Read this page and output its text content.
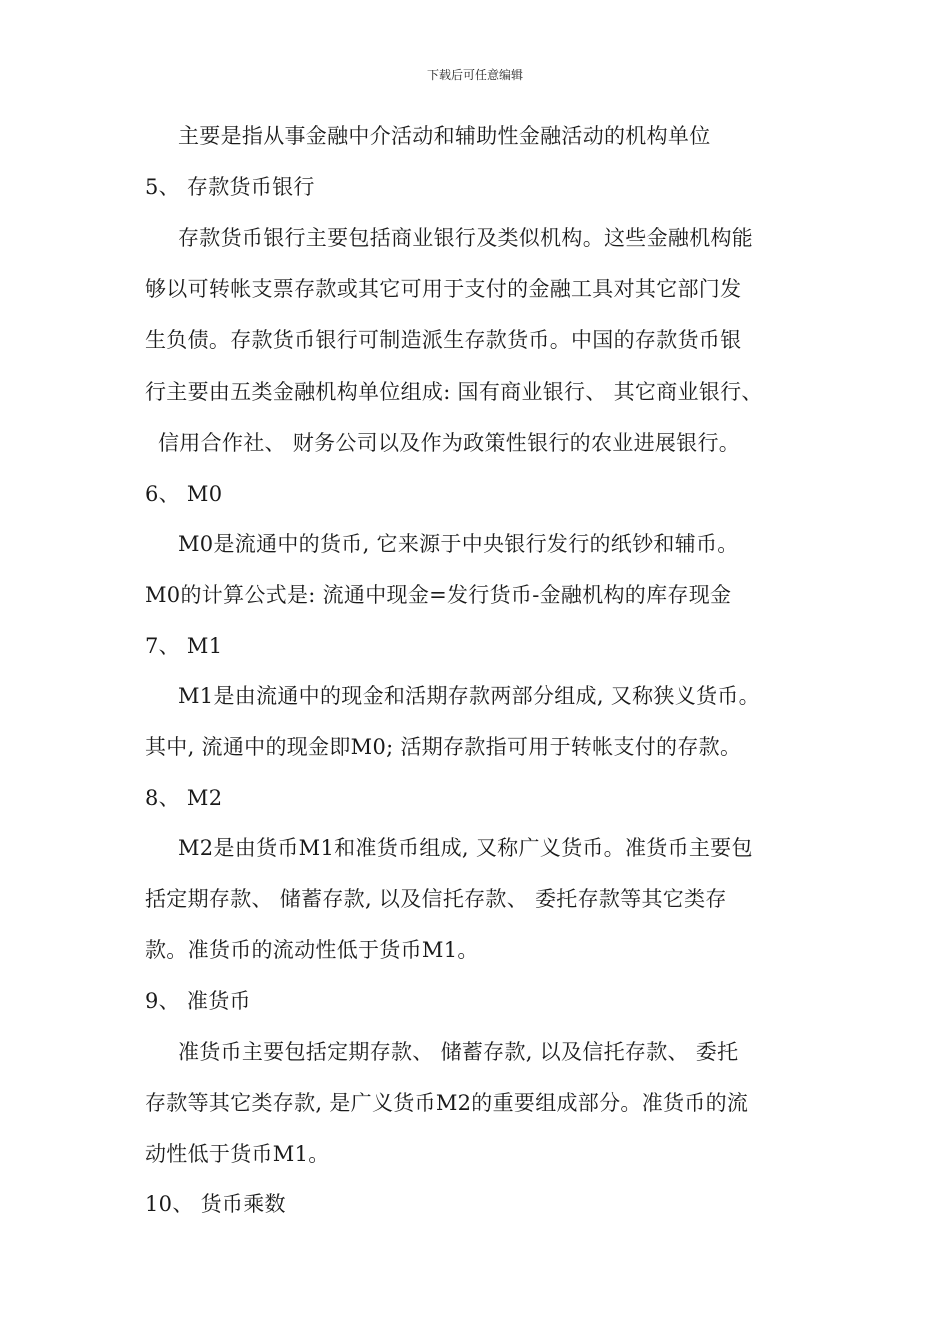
下载后可任意编辑
主要是指从事金融中介活动和辅助性金融活动的机构单位
5、 存款货币银行
存款货币银行主要包括商业银行及类似机构。这些金融机构能
够以可转帐支票存款或其它可用于支付的金融工具对其它部门发
生负债。存款货币银行可制造派生存款货币。中国的存款货币银
行主要由五类金融机构单位组成: 国有商业银行、 其它商业银行、
信用合作社、 财务公司以及作为政策性银行的农业进展银行。
6、 M0
M0是流通中的货币, 它来源于中央银行发行的纸钞和辅币。
M0的计算公式是: 流通中现金=发行货币-金融机构的库存现金
7、 M1
M1是由流通中的现金和活期存款两部分组成, 又称狭义货币。
其中, 流通中的现金即M0; 活期存款指可用于转帐支付的存款。
8、 M2
M2是由货币M1和准货币组成, 又称广义货币。准货币主要包
括定期存款、 储蓄存款, 以及信托存款、 委托存款等其它类存
款。准货币的流动性低于货币M1。
9、 准货币
准货币主要包括定期存款、 储蓄存款, 以及信托存款、 委托
存款等其它类存款, 是广义货币M2的重要组成部分。准货币的流
动性低于货币M1。
10、 货币乘数
